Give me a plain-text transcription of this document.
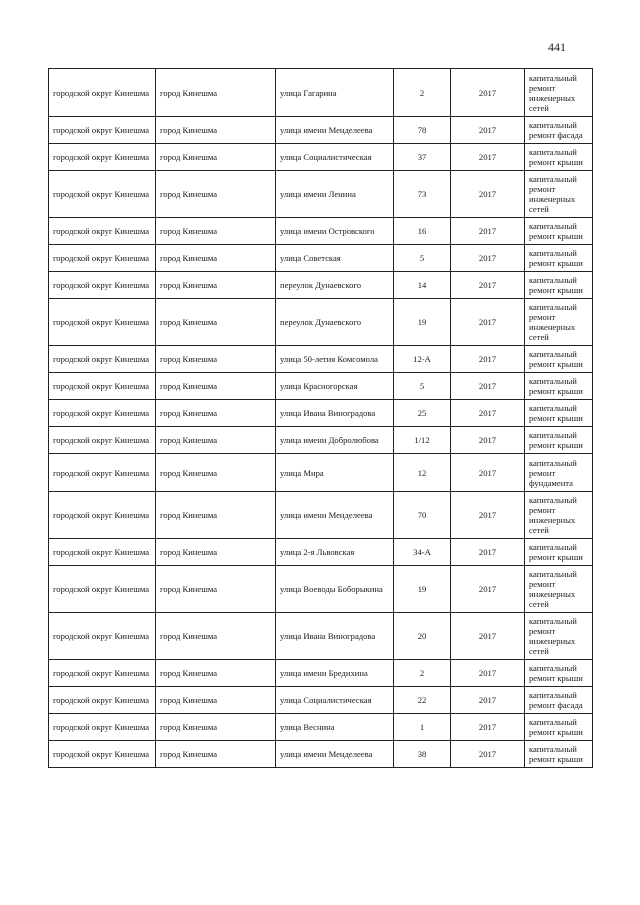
441
городской округ Кинешма	город Кинешма	улица Гагарина	2	2017	капитальный ремонт инженерных сетей
городской округ Кинешма	город Кинешма	улица имени Менделеева	78	2017	капитальный ремонт фасада
городской округ Кинешма	город Кинешма	улица Социалистическая	37	2017	капитальный ремонт крыши
городской округ Кинешма	город Кинешма	улица имени Ленина	73	2017	капитальный ремонт инженерных сетей
городской округ Кинешма	город Кинешма	улица имени Островского	16	2017	капитальный ремонт крыши
городской округ Кинешма	город Кинешма	улица Советская	5	2017	капитальный ремонт крыши
городской округ Кинешма	город Кинешма	переулок Дунаевского	14	2017	капитальный ремонт крыши
городской округ Кинешма	город Кинешма	переулок Дунаевского	19	2017	капитальный ремонт инженерных сетей
городской округ Кинешма	город Кинешма	улица 50-летия Комсомола	12-А	2017	капитальный ремонт крыши
городской округ Кинешма	город Кинешма	улица Красногорская	5	2017	капитальный ремонт крыши
городской округ Кинешма	город Кинешма	улица Ивана Виноградова	25	2017	капитальный ремонт крыши
городской округ Кинешма	город Кинешма	улица имени Добролюбова	1/12	2017	капитальный ремонт крыши
городской округ Кинешма	город Кинешма	улица Мира	12	2017	капитальный ремонт фундамента
городской округ Кинешма	город Кинешма	улица имени Менделеева	70	2017	капитальный ремонт инженерных сетей
городской округ Кинешма	город Кинешма	улица 2-я Львовская	34-А	2017	капитальный ремонт крыши
городской округ Кинешма	город Кинешма	улица Воеводы Боборыкина	19	2017	капитальный ремонт инженерных сетей
городской округ Кинешма	город Кинешма	улица Ивана Виноградова	20	2017	капитальный ремонт инженерных сетей
городской округ Кинешма	город Кинешма	улица имени Бредихина	2	2017	капитальный ремонт крыши
городской округ Кинешма	город Кинешма	улица Социалистическая	22	2017	капитальный ремонт фасада
городской округ Кинешма	город Кинешма	улица Веснина	1	2017	капитальный ремонт крыши
городской округ Кинешма	город Кинешма	улица имени Менделеева	38	2017	капитальный ремонт крыши
